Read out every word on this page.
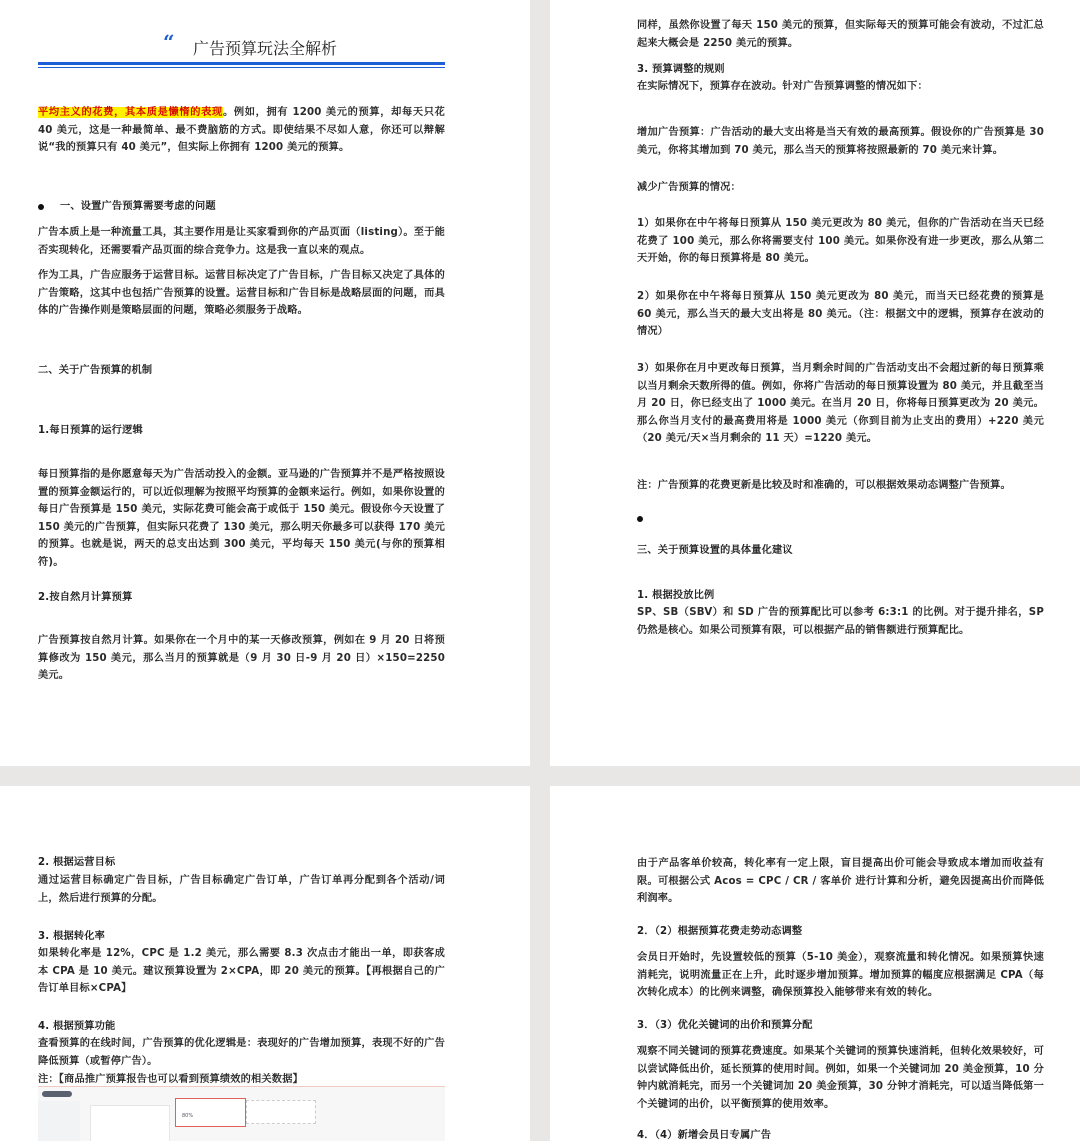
“	广告预算玩法全解析
平均主义的花费，其本质是懒惰的表现。例如，拥有 1200 美元的预算，却每天只花 40 美元，这是一种最简单、最不费脑筋的方式。即使结果不尽如人意，你还可以辩解说“我的预算只有 40 美元”，但实际上你拥有 1200 美元的预算。
一、设置广告预算需要考虑的问题
广告本质上是一种流量工具，其主要作用是让买家看到你的产品页面（listing）。至于能否实现转化，还需要看产品页面的综合竞争力。这是我一直以来的观点。
作为工具，广告应服务于运营目标。运营目标决定了广告目标，广告目标又决定了具体的广告策略，这其中也包括广告预算的设置。运营目标和广告目标是战略层面的问题，而具体的广告操作则是策略层面的问题，策略必须服务于战略。
二、关于广告预算的机制
1.每日预算的运行逻辑
每日预算指的是你愿意每天为广告活动投入的金额。亚马逊的广告预算并不是严格按照设置的预算金额运行的，可以近似理解为按照平均预算的金额来运行。例如，如果你设置的每日广告预算是 150 美元，实际花费可能会高于或低于 150 美元。假设你今天设置了 150 美元的广告预算，但实际只花费了 130 美元，那么明天你最多可以获得 170 美元的预算。也就是说，两天的总支出达到 300 美元，平均每天 150 美元(与你的预算相符)。
2.按自然月计算预算
广告预算按自然月计算。如果你在一个月中的某一天修改预算，例如在 9 月 20 日将预算修改为 150 美元，那么当月的预算就是（9 月 30 日-9 月 20 日）×150=2250 美元。
同样，虽然你设置了每天 150 美元的预算，但实际每天的预算可能会有波动，不过汇总起来大概会是 2250 美元的预算。
3. 预算调整的规则
在实际情况下，预算存在波动。针对广告预算调整的情况如下：
增加广告预算：广告活动的最大支出将是当天有效的最高预算。假设你的广告预算是 30 美元，你将其增加到 70 美元，那么当天的预算将按照最新的 70 美元来计算。
减少广告预算的情况：
1）如果你在中午将每日预算从 150 美元更改为 80 美元，但你的广告活动在当天已经花费了 100 美元，那么你将需要支付 100 美元。如果你没有进一步更改，那么从第二天开始，你的每日预算将是 80 美元。
2）如果你在中午将每日预算从 150 美元更改为 80 美元，而当天已经花费的预算是 60 美元，那么当天的最大支出将是 80 美元。（注：根据文中的逻辑，预算存在波动的情况）
3）如果你在月中更改每日预算，当月剩余时间的广告活动支出不会超过新的每日预算乘以当月剩余天数所得的值。例如，你将广告活动的每日预算设置为 80 美元，并且截至当月 20 日，你已经支出了 1000 美元。在当月 20 日，你将每日预算更改为 20 美元。那么你当月支付的最高费用将是 1000 美元（你到目前为止支出的费用）+220 美元（20 美元/天×当月剩余的 11 天）=1220 美元。
注：广告预算的花费更新是比较及时和准确的，可以根据效果动态调整广告预算。
三、关于预算设置的具体量化建议
1. 根据投放比例
SP、SB（SBV）和 SD 广告的预算配比可以参考 6:3:1 的比例。对于提升排名，SP 仍然是核心。如果公司预算有限，可以根据产品的销售额进行预算配比。
2. 根据运营目标
通过运营目标确定广告目标，广告目标确定广告订单，广告订单再分配到各个活动/词上，然后进行预算的分配。
3. 根据转化率
如果转化率是 12%，CPC 是 1.2 美元，那么需要 8.3 次点击才能出一单，即获客成本 CPA 是 10 美元。建议预算设置为 2×CPA，即 20 美元的预算。【再根据自己的广告订单目标×CPA】
4. 根据预算功能
查看预算的在线时间，广告预算的优化逻辑是：表现好的广告增加预算，表现不好的广告降低预算（或暂停广告）。
注：【商品推广预算报告也可以看到预算绩效的相关数据】
80%
由于产品客单价较高，转化率有一定上限，盲目提高出价可能会导致成本增加而收益有限。可根据公式 Acos = CPC / CR / 客单价 进行计算和分析，避免因提高出价而降低利润率。
2．（2）根据预算花费走势动态调整
会员日开始时，先设置较低的预算（5-10 美金），观察流量和转化情况。如果预算快速消耗完，说明流量正在上升，此时逐步增加预算。增加预算的幅度应根据满足 CPA（每次转化成本）的比例来调整，确保预算投入能够带来有效的转化。
3．（3）优化关键词的出价和预算分配
观察不同关键词的预算花费速度。如果某个关键词的预算快速消耗，但转化效果较好，可以尝试降低出价，延长预算的使用时间。例如，如果一个关键词加 20 美金预算，10 分钟内就消耗完，而另一个关键词加 20 美金预算，30 分钟才消耗完，可以适当降低第一个关键词的出价，以平衡预算的使用效率。
4．（4）新增会员日专属广告
